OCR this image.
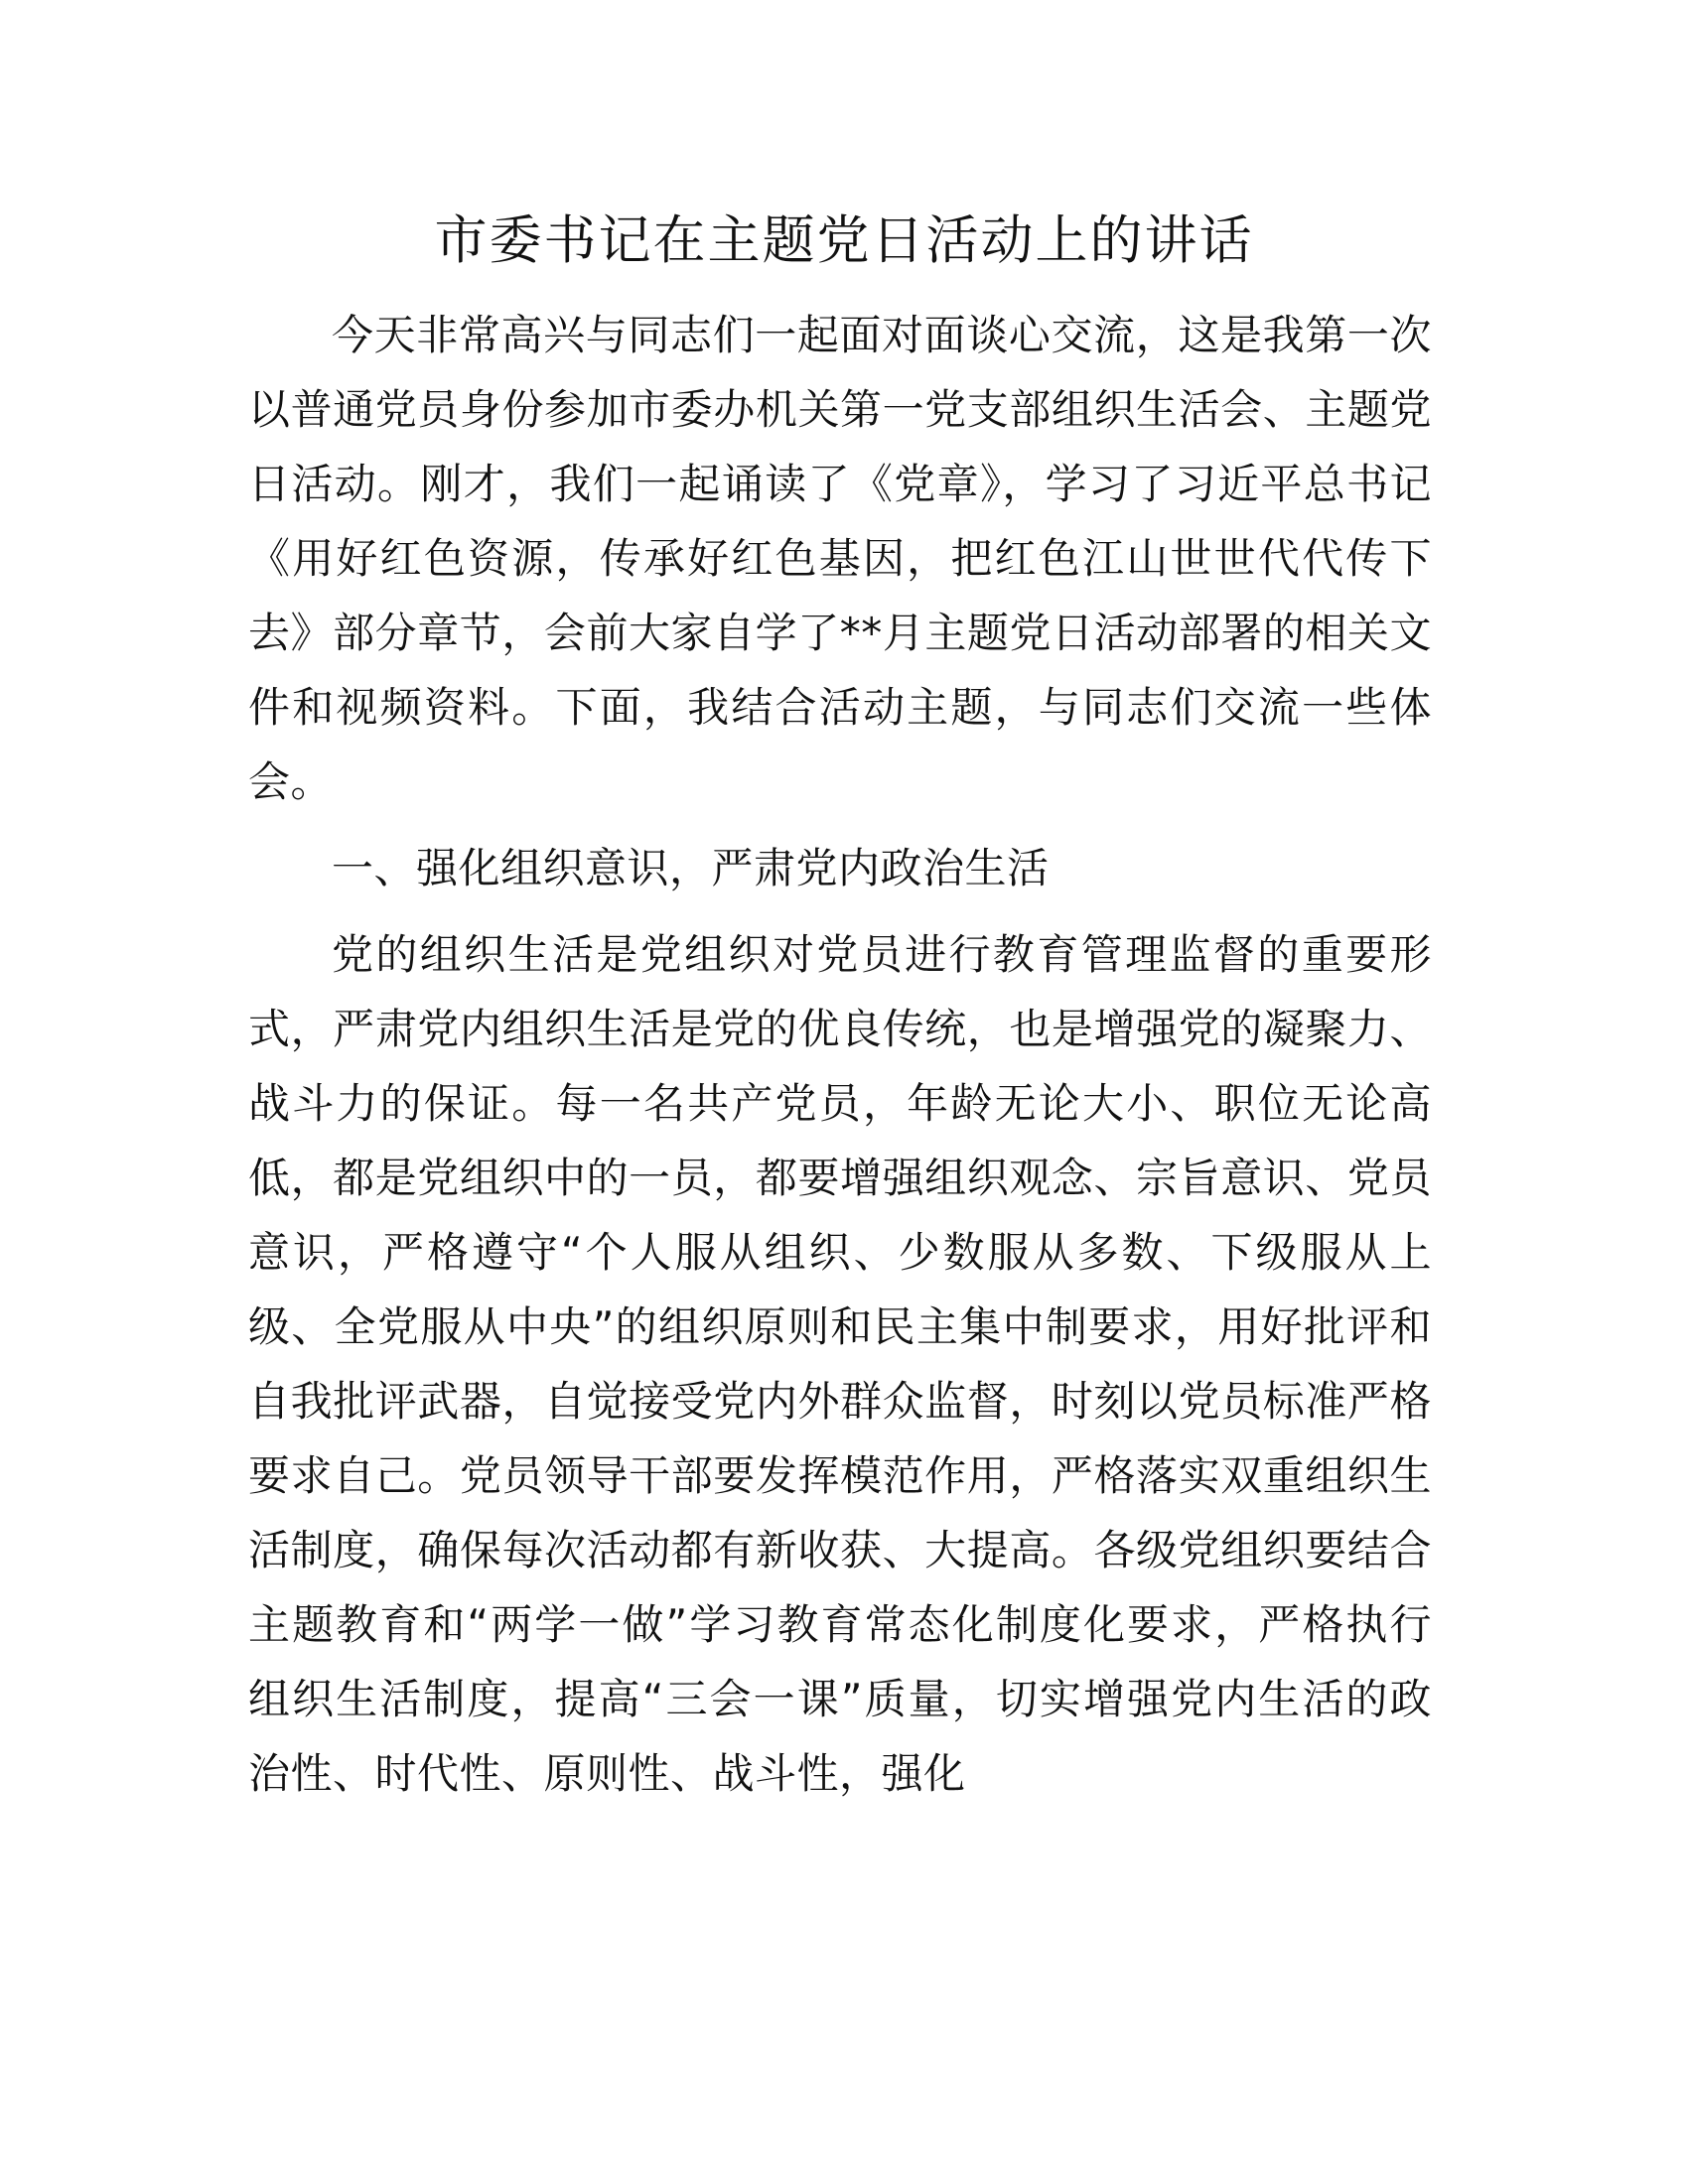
市委书记在主题党日活动上的讲话

今天非常高兴与同志们一起面对面谈心交流，这是我第一次以普通党员身份参加市委办机关第一党支部组织生活会、主题党日活动。刚才，我们一起诵读了《党章》，学习了习近平总书记《用好红色资源，传承好红色基因，把红色江山世世代代传下去》部分章节，会前大家自学了**月主题党日活动部署的相关文件和视频资料。下面，我结合活动主题，与同志们交流一些体会。

一、强化组织意识，严肃党内政治生活

党的组织生活是党组织对党员进行教育管理监督的重要形式，严肃党内组织生活是党的优良传统，也是增强党的凝聚力、战斗力的保证。每一名共产党员，年龄无论大小、职位无论高低，都是党组织中的一员，都要增强组织观念、宗旨意识、党员意识，严格遵守“个人服从组织、少数服从多数、下级服从上级、全党服从中央”的组织原则和民主集中制要求，用好批评和自我批评武器，自觉接受党内外群众监督，时刻以党员标准严格要求自己。党员领导干部要发挥模范作用，严格落实双重组织生活制度，确保每次活动都有新收获、大提高。各级党组织要结合主题教育和“两学一做”学习教育常态化制度化要求，严格执行组织生活制度，提高“三会一课”质量，切实增强党内生活的政治性、时代性、原则性、战斗性，强化
